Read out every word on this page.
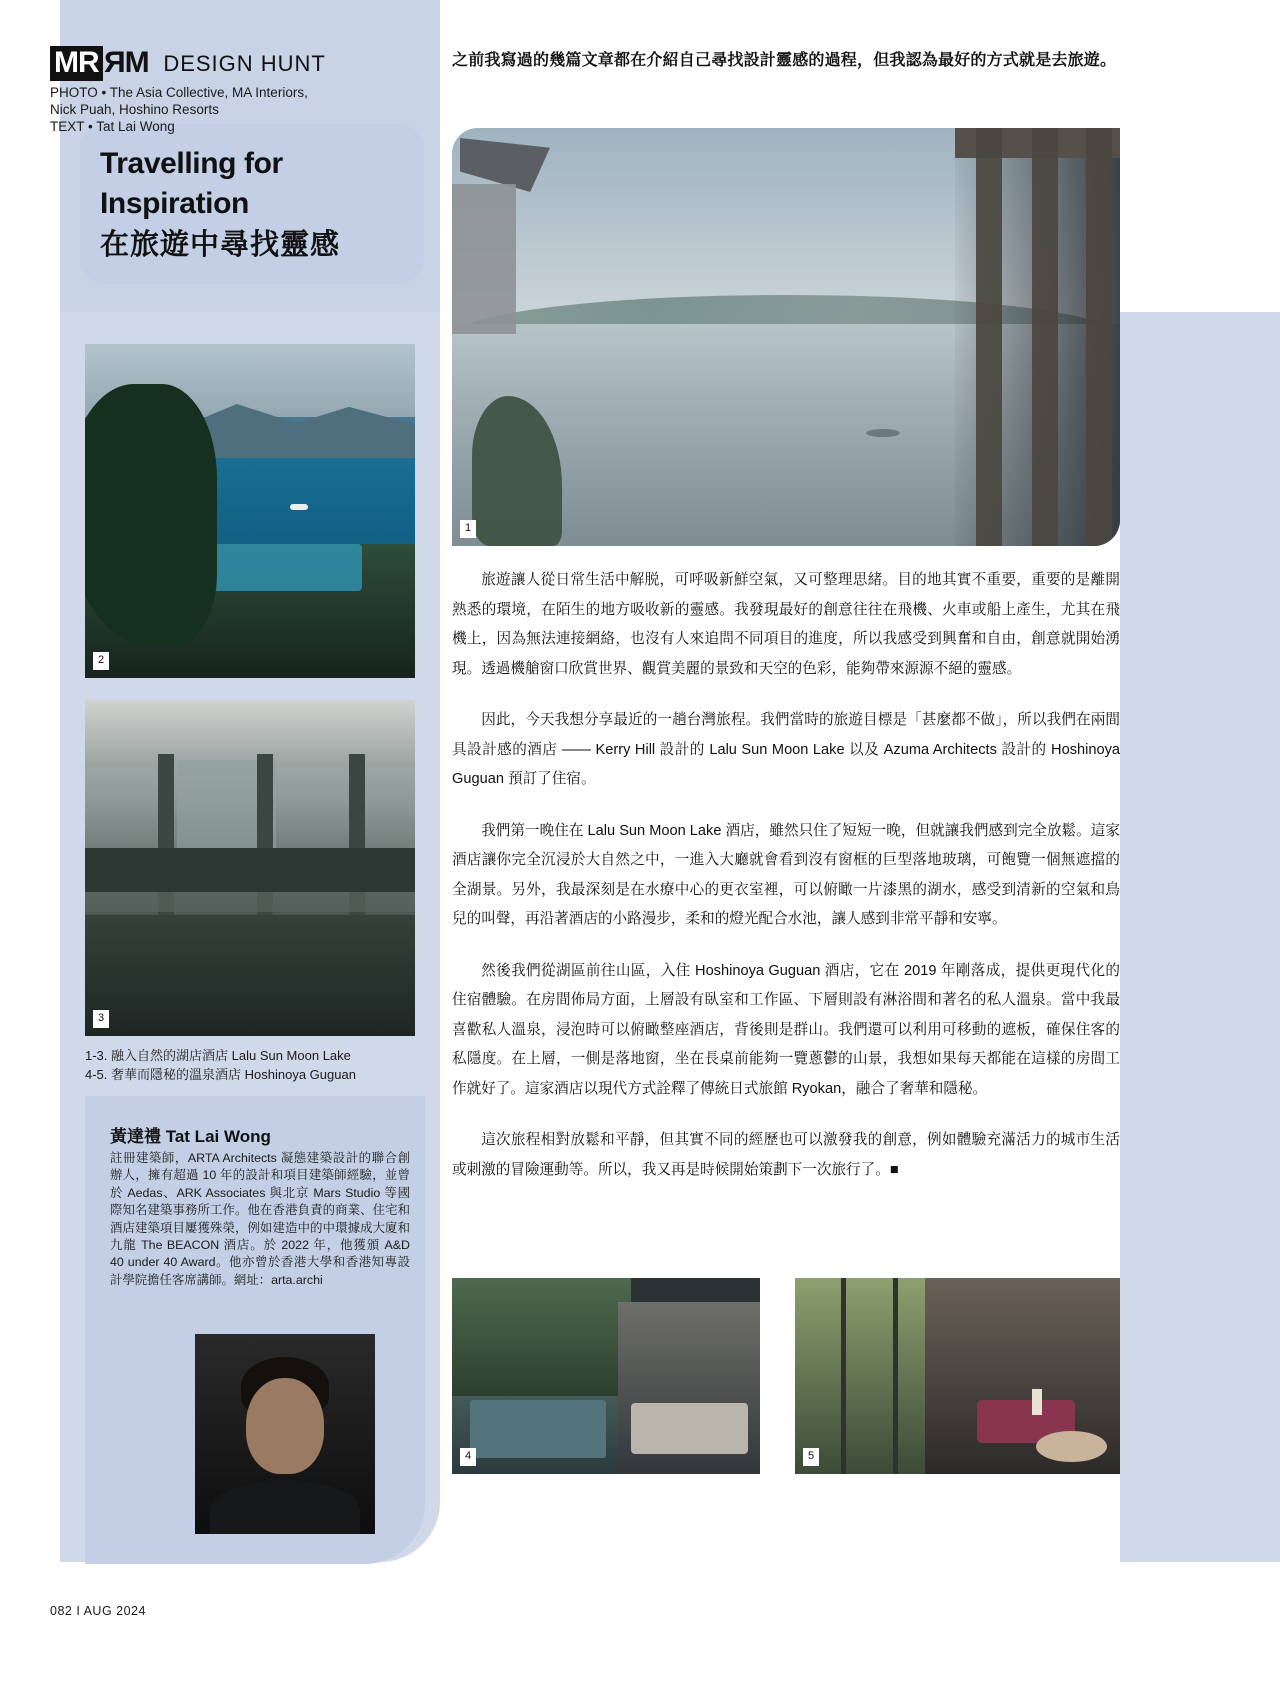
MR MR DESIGN HUNT
PHOTO • The Asia Collective, MA Interiors,
Nick Puah, Hoshino Resorts
TEXT • Tat Lai Wong
Travelling for
Inspiration
在旅遊中尋找靈感
1
2
3
4	5
1-3. 融入自然的湖店酒店 Lalu Sun Moon Lake
4-5. 奢華而隱秘的溫泉酒店 Hoshinoya Guguan
黃達禮 Tat Lai Wong
註冊建築師，ARTA Architects 凝態建築設計的聯合創辦人，擁有超過 10 年的設計和項目建築師經驗，並曾於 Aedas、ARK Associates 與北京 Mars Studio 等國際知名建築事務所工作。他在香港負責的商業、住宅和酒店建築項目屢獲殊榮，例如建造中的中環據成大廈和九龍 The BEACON 酒店。於 2022 年，他獲頒 A&D 40 under 40 Award。他亦曾於香港大學和香港知專設計學院擔任客席講師。網址：arta.archi
之前我寫過的幾篇文章都在介紹自己尋找設計靈感的過程，但我認為最好的方式就是去旅遊。

旅遊讓人從日常生活中解脱，可呼吸新鮮空氣，又可整理思緒。目的地其實不重要，重要的是離開熟悉的環境，在陌生的地方吸收新的靈感。我發現最好的創意往往在飛機、火車或船上產生，尤其在飛機上，因為無法連接網絡，也沒有人來追問不同項目的進度，所以我感受到興奮和自由，創意就開始湧現。透過機艙窗口欣賞世界、觀賞美麗的景致和天空的色彩，能夠帶來源源不絕的靈感。

因此，今天我想分享最近的一趟台灣旅程。我們當時的旅遊目標是「甚麼都不做」，所以我們在兩間具設計感的酒店 —— Kerry Hill 設計的 Lalu Sun Moon Lake 以及 Azuma Architects 設計的 Hoshinoya Guguan 預訂了住宿。

我們第一晚住在 Lalu Sun Moon Lake 酒店，雖然只住了短短一晚，但就讓我們感到完全放鬆。這家酒店讓你完全沉浸於大自然之中，一進入大廳就會看到沒有窗框的巨型落地玻璃，可飽覽一個無遮擋的全湖景。另外，我最深刻是在水療中心的更衣室裡，可以俯瞰一片漆黑的湖水，感受到清新的空氣和鳥兒的叫聲，再沿著酒店的小路漫步，柔和的燈光配合水池，讓人感到非常平靜和安寧。

然後我們從湖區前往山區，入住 Hoshinoya Guguan 酒店，它在 2019 年剛落成，提供更現代化的住宿體驗。在房間佈局方面，上層設有臥室和工作區、下層則設有淋浴間和著名的私人溫泉。當中我最喜歡私人溫泉，浸泡時可以俯瞰整座酒店，背後則是群山。我們還可以利用可移動的遮板，確保住客的私隱度。在上層，一側是落地窗，坐在長桌前能夠一覽蔥鬱的山景，我想如果每天都能在這樣的房間工作就好了。這家酒店以現代方式詮釋了傳統日式旅館 Ryokan，融合了奢華和隱秘。

這次旅程相對放鬆和平靜，但其實不同的經歷也可以激發我的創意，例如體驗充滿活力的城市生活或刺激的冒險運動等。所以，我又再是時候開始策劃下一次旅行了。■

082 I AUG 2024
